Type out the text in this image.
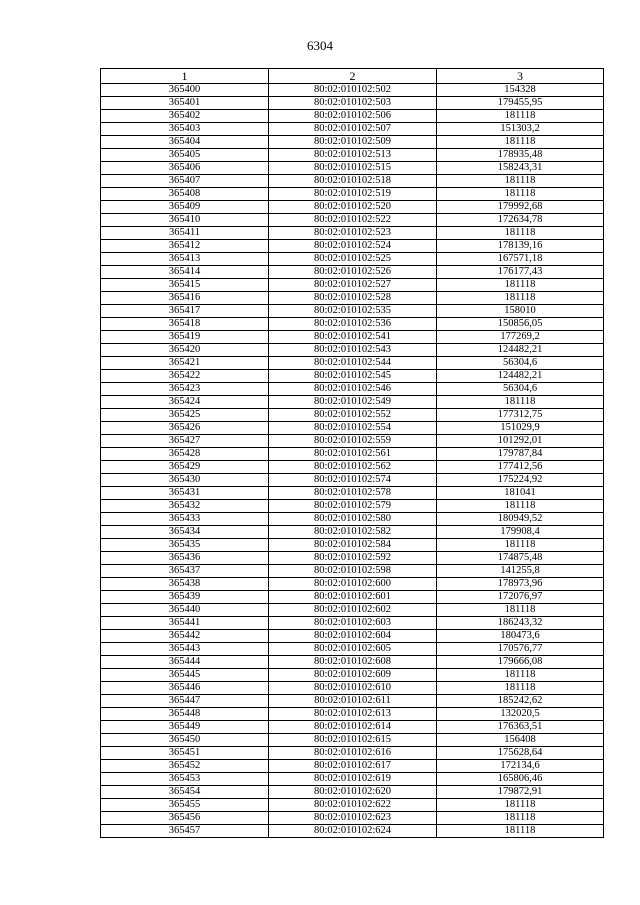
6304
1	2	3
365400	80:02:010102:502	154328
365401	80:02:010102:503	179455,95
365402	80:02:010102:506	181118
365403	80:02:010102:507	151303,2
365404	80:02:010102:509	181118
365405	80:02:010102:513	178935,48
365406	80:02:010102:515	158243,31
365407	80:02:010102:518	181118
365408	80:02:010102:519	181118
365409	80:02:010102:520	179992,68
365410	80:02:010102:522	172634,78
365411	80:02:010102:523	181118
365412	80:02:010102:524	178139,16
365413	80:02:010102:525	167571,18
365414	80:02:010102:526	176177,43
365415	80:02:010102:527	181118
365416	80:02:010102:528	181118
365417	80:02:010102:535	158010
365418	80:02:010102:536	150856,05
365419	80:02:010102:541	177269,2
365420	80:02:010102:543	124482,21
365421	80:02:010102:544	56304,6
365422	80:02:010102:545	124482,21
365423	80:02:010102:546	56304,6
365424	80:02:010102:549	181118
365425	80:02:010102:552	177312,75
365426	80:02:010102:554	151029,9
365427	80:02:010102:559	101292,01
365428	80:02:010102:561	179787,84
365429	80:02:010102:562	177412,56
365430	80:02:010102:574	175224,92
365431	80:02:010102:578	181041
365432	80:02:010102:579	181118
365433	80:02:010102:580	180949,52
365434	80:02:010102:582	179908,4
365435	80:02:010102:584	181118
365436	80:02:010102:592	174875,48
365437	80:02:010102:598	141255,8
365438	80:02:010102:600	178973,96
365439	80:02:010102:601	172076,97
365440	80:02:010102:602	181118
365441	80:02:010102:603	186243,32
365442	80:02:010102:604	180473,6
365443	80:02:010102:605	170576,77
365444	80:02:010102:608	179666,08
365445	80:02:010102:609	181118
365446	80:02:010102:610	181118
365447	80:02:010102:611	185242,62
365448	80:02:010102:613	132020,5
365449	80:02:010102:614	176363,51
365450	80:02:010102:615	156408
365451	80:02:010102:616	175628,64
365452	80:02:010102:617	172134,6
365453	80:02:010102:619	165806,46
365454	80:02:010102:620	179872,91
365455	80:02:010102:622	181118
365456	80:02:010102:623	181118
365457	80:02:010102:624	181118
